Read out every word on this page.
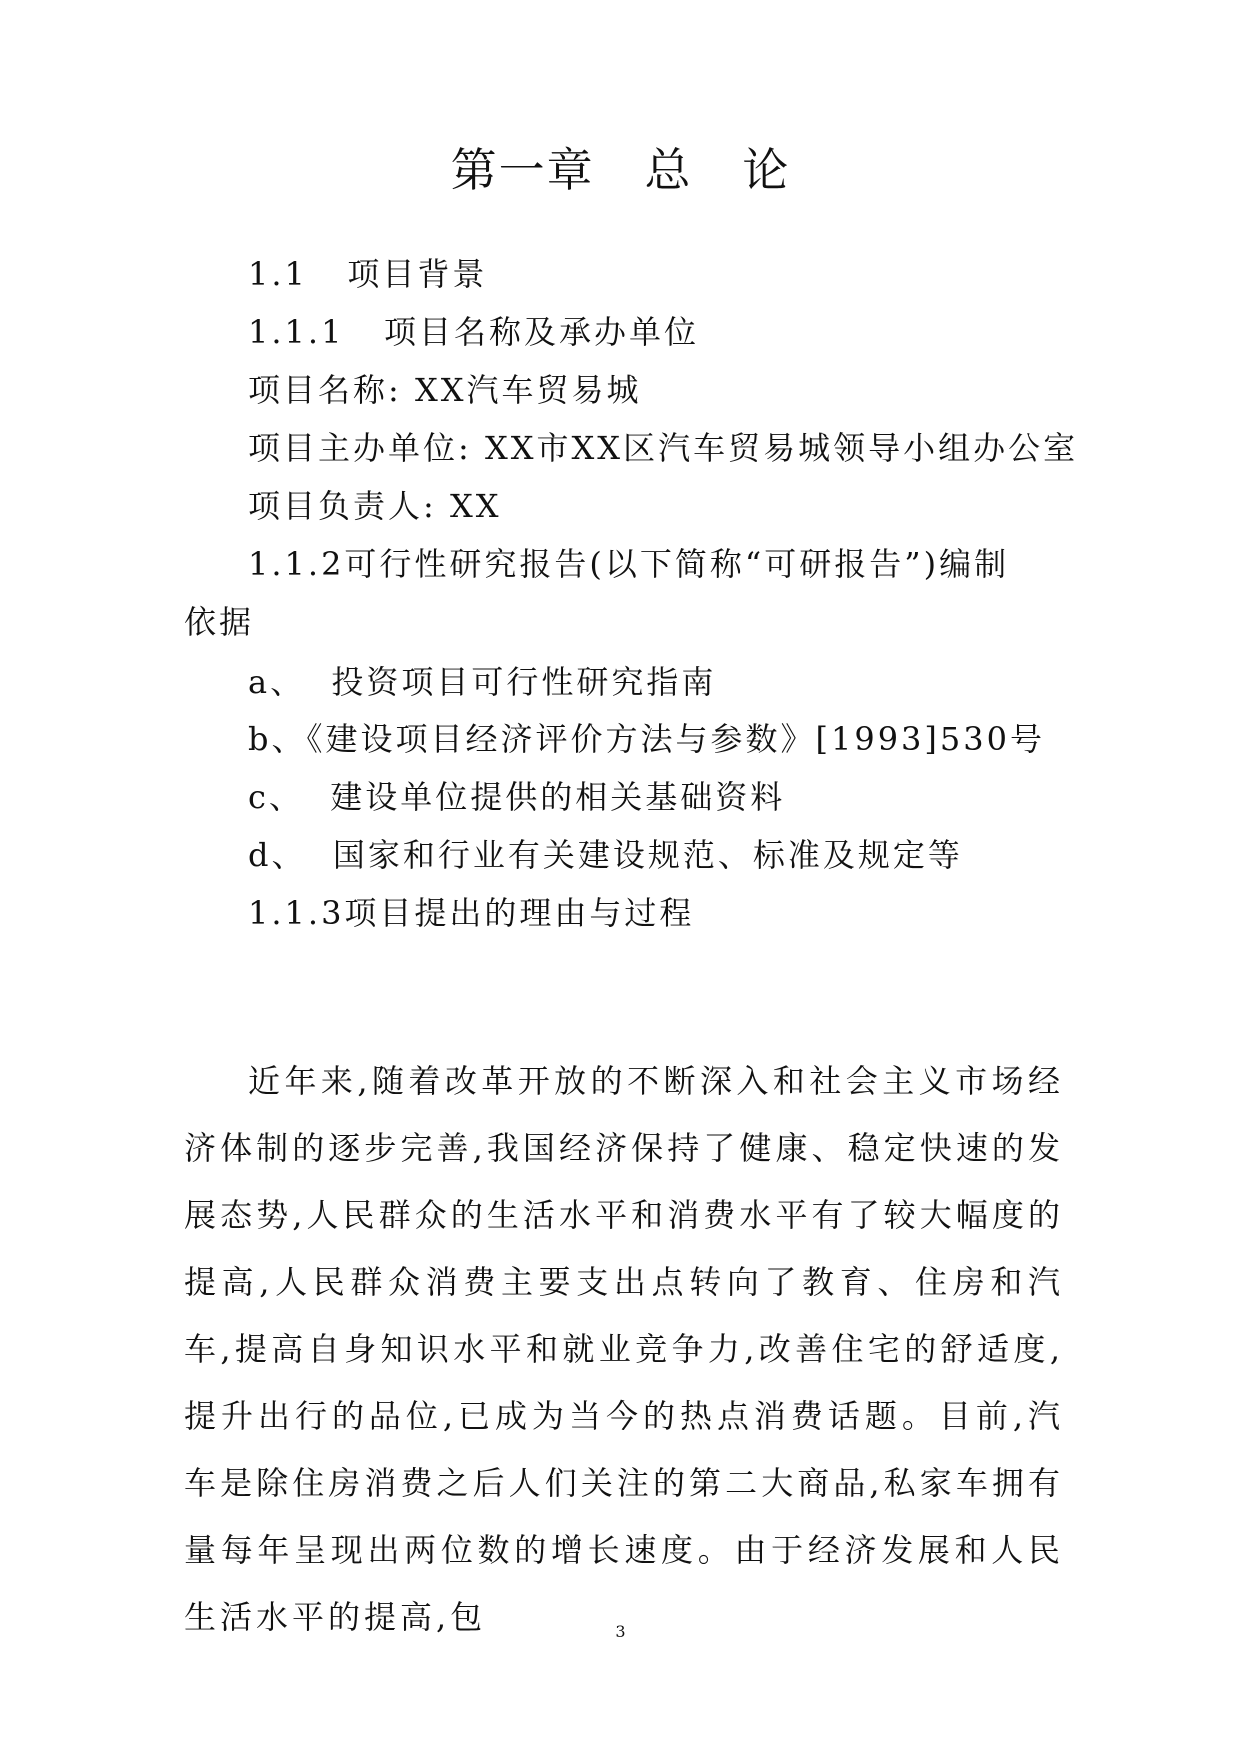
第一章   总   论
1.1   项目背景
1.1.1   项目名称及承办单位
项目名称: XX汽车贸易城
项目主办单位: XX市XX区汽车贸易城领导小组办公室
项目负责人: XX
1.1.2可行性研究报告(以下简称“可研报告”)编制
依据
a、  投资项目可行性研究指南
b、《建设项目经济评价方法与参数》[1993]530号
c、  建设单位提供的相关基础资料
d、  国家和行业有关建设规范、标准及规定等
1.1.3项目提出的理由与过程
近年来,随着改革开放的不断深入和社会主义市场经济体制的逐步完善,我国经济保持了健康、稳定快速的发展态势,人民群众的生活水平和消费水平有了较大幅度的提高,人民群众消费主要支出点转向了教育、住房和汽车,提高自身知识水平和就业竞争力,改善住宅的舒适度,提升出行的品位,已成为当今的热点消费话题。目前,汽车是除住房消费之后人们关注的第二大商品,私家车拥有量每年呈现出两位数的增长速度。由于经济发展和人民生活水平的提高,包	3
